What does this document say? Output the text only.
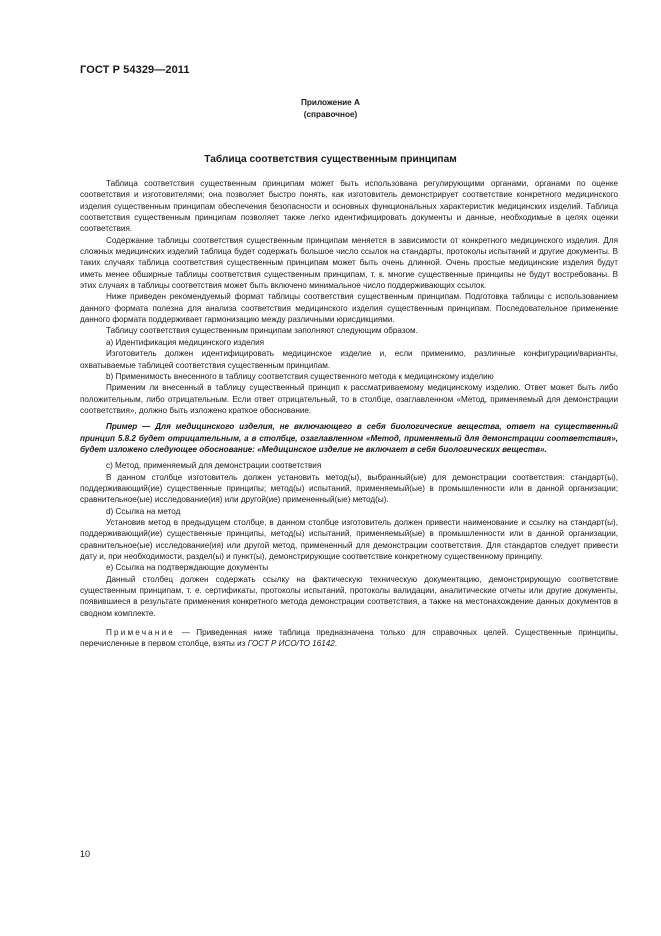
ГОСТ Р 54329—2011
Приложение А
(справочное)
Таблица соответствия существенным принципам

Таблица соответствия существенным принципам может быть использована регулирующими органами, органами по оценке соответствия и изготовителями; она позволяет быстро понять, как изготовитель демонстрирует соответствие конкретного медицинского изделия существенным принципам обеспечения безопасности и основных функциональных характеристик медицинских изделий. Таблица соответствия существенным принципам позволяет также легко идентифицировать документы и данные, необходимые в целях оценки соответствия.

Содержание таблицы соответствия существенным принципам меняется в зависимости от конкретного медицинского изделия. Для сложных медицинских изделий таблица будет содержать большое число ссылок на стандарты, протоколы испытаний и другие документы. В таких случаях таблица соответствия существенным принципам может быть очень длинной. Очень простые медицинские изделия будут иметь менее обширные таблицы соответствия существенным принципам, т. к. многие существенные принципы не будут востребованы. В этих случаях в таблицы соответствия может быть включено минимальное число поддерживающих ссылок.

Ниже приведен рекомендуемый формат таблицы соответствия существенным принципам. Подготовка таблицы с использованием данного формата полезна для анализа соответствия медицинского изделия существенным принципам. Последовательное применение данного формата поддерживает гармонизацию между различными юрисдикциями.

Таблицу соответствия существенным принципам заполняют следующим образом.

а) Идентификация медицинского изделия

Изготовитель должен идентифицировать медицинское изделие и, если применимо, различные конфигурации/варианты, охватываемые таблицей соответствия существенным принципам.

b) Применимость внесенного в таблицу соответствия существенного метода к медицинскому изделию

Применим ли внесенный в таблицу существенный принцип к рассматриваемому медицинскому изделию. Ответ может быть либо положительным, либо отрицательным. Если ответ отрицательный, то в столбце, озаглавленном «Метод, применяемый для демонстрации соответствия», должно быть изложено краткое обоснование.

Пример — Для медицинского изделия, не включающего в себя биологические вещества, ответ на существенный принцип 5.8.2 будет отрицательным, а в столбце, озаглавленном «Метод, применяемый для демонстрации соответствия», будет изложено следующее обоснование: «Медицинское изделие не включает в себя биологических веществ».

c) Метод, применяемый для демонстрации соответствия

В данном столбце изготовитель должен установить метод(ы), выбранный(ые) для демонстрации соответствия: стандарт(ы), поддерживающий(ие) существенные принципы; метод(ы) испытаний, применяемый(ые) в промышленности или в данной организации; сравнительное(ые) исследование(ия) или другой(ие) примененный(ые) метод(ы).

d) Ссылка на метод

Установив метод в предыдущем столбце, в данном столбце изготовитель должен привести наименование и ссылку на стандарт(ы), поддерживающий(ие) существенные принципы, метод(ы) испытаний, применяемый(ые) в промышленности или в данной организации, сравнительное(ые) исследование(ия) или другой метод, примененный для демонстрации соответствия. Для стандартов следует привести дату и, при необходимости, раздел(ы) и пункт(ы), демонстрирующие соответствие конкретному существенному принципу.

e) Ссылка на подтверждающие документы

Данный столбец должен содержать ссылку на фактическую техническую документацию, демонстрирующую соответствие существенным принципам, т. е. сертификаты, протоколы испытаний, протоколы валидации, аналитические отчеты или другие документы, появившиеся в результате применения конкретного метода демонстрации соответствия, а также на местонахождение данных документов в сводном комплекте.

Примечание — Приведенная ниже таблица предназначена только для справочных целей. Существенные принципы, перечисленные в первом столбце, взяты из ГОСТ Р ИСО/ТО 16142.

10
